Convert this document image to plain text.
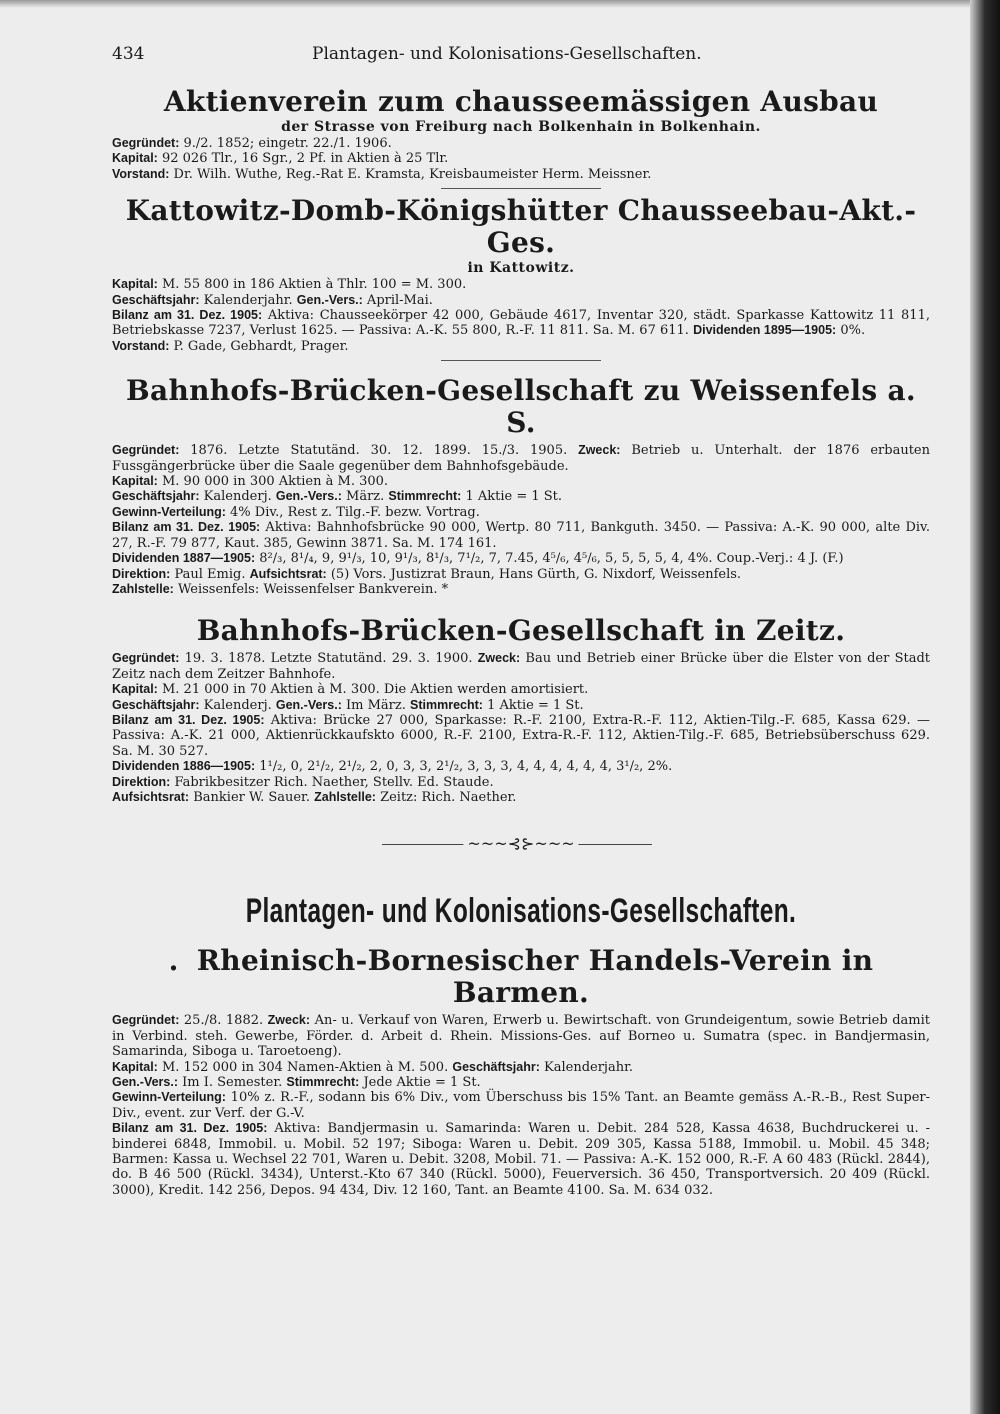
434	Plantagen- und Kolonisations-Gesellschaften.
Aktienverein zum chausseemässigen Ausbau
der Strasse von Freiburg nach Bolkenhain in Bolkenhain.

Gegründet: 9./2. 1852; eingetr. 22./1. 1906.

Kapital: 92 026 Tlr., 16 Sgr., 2 Pf. in Aktien à 25 Tlr.

Vorstand: Dr. Wilh. Wuthe, Reg.-Rat E. Kramsta, Kreisbaumeister Herm. Meissner.

Kattowitz-Domb-Königshütter Chausseebau-Akt.-Ges.
in Kattowitz.

Kapital: M. 55 800 in 186 Aktien à Thlr. 100 = M. 300.

Geschäftsjahr: Kalenderjahr. Gen.-Vers.: April-Mai.

Bilanz am 31. Dez. 1905: Aktiva: Chausseekörper 42 000, Gebäude 4617, Inventar 320, städt. Sparkasse Kattowitz 11 811, Betriebskasse 7237, Verlust 1625. — Passiva: A.-K. 55 800, R.-F. 11 811. Sa. M. 67 611. Dividenden 1895—1905: 0%.

Vorstand: P. Gade, Gebhardt, Prager.

Bahnhofs-Brücken-Gesellschaft zu Weissenfels a. S.

Gegründet: 1876. Letzte Statutänd. 30. 12. 1899. 15./3. 1905. Zweck: Betrieb u. Unterhalt. der 1876 erbauten Fussgängerbrücke über die Saale gegenüber dem Bahnhofsgebäude.

Kapital: M. 90 000 in 300 Aktien à M. 300.

Geschäftsjahr: Kalenderj. Gen.-Vers.: März. Stimmrecht: 1 Aktie = 1 St.

Gewinn-Verteilung: 4% Div., Rest z. Tilg.-F. bezw. Vortrag.

Bilanz am 31. Dez. 1905: Aktiva: Bahnhofsbrücke 90 000, Wertp. 80 711, Bankguth. 3450. — Passiva: A.-K. 90 000, alte Div. 27, R.-F. 79 877, Kaut. 385, Gewinn 3871. Sa. M. 174 161.

Dividenden 1887—1905: 8²/₃, 8¹/₄, 9, 9¹/₃, 10, 9¹/₃, 8¹/₃, 7¹/₂, 7, 7.45, 4⁵/₆, 4⁵/₆, 5, 5, 5, 5, 4, 4%. Coup.-Verj.: 4 J. (F.)

Direktion: Paul Emig. Aufsichtsrat: (5) Vors. Justizrat Braun, Hans Gürth, G. Nixdorf, Weissenfels.

Zahlstelle: Weissenfels: Weissenfelser Bankverein. *

Bahnhofs-Brücken-Gesellschaft in Zeitz.

Gegründet: 19. 3. 1878. Letzte Statutänd. 29. 3. 1900. Zweck: Bau und Betrieb einer Brücke über die Elster von der Stadt Zeitz nach dem Zeitzer Bahnhofe.

Kapital: M. 21 000 in 70 Aktien à M. 300. Die Aktien werden amortisiert.

Geschäftsjahr: Kalenderj. Gen.-Vers.: Im März. Stimmrecht: 1 Aktie = 1 St.

Bilanz am 31. Dez. 1905: Aktiva: Brücke 27 000, Sparkasse: R.-F. 2100, Extra-R.-F. 112, Aktien-Tilg.-F. 685, Kassa 629. — Passiva: A.-K. 21 000, Aktienrückkaufskto 6000, R.-F. 2100, Extra-R.-F. 112, Aktien-Tilg.-F. 685, Betriebsüberschuss 629. Sa. M. 30 527.

Dividenden 1886—1905: 1¹/₂, 0, 2¹/₂, 2¹/₂, 2, 0, 3, 3, 2¹/₂, 3, 3, 3, 4, 4, 4, 4, 4, 4, 3¹/₂, 2%.

Direktion: Fabrikbesitzer Rich. Naether, Stellv. Ed. Staude.

Aufsichtsrat: Bankier W. Sauer. Zahlstelle: Zeitz: Rich. Naether.

~~~⊰⊱~~~
Plantagen- und Kolonisations-Gesellschaften.
. Rheinisch-Bornesischer Handels-Verein in Barmen.

Gegründet: 25./8. 1882. Zweck: An- u. Verkauf von Waren, Erwerb u. Bewirtschaft. von Grundeigentum, sowie Betrieb damit in Verbind. steh. Gewerbe, Förder. d. Arbeit d. Rhein. Missions-Ges. auf Borneo u. Sumatra (spec. in Bandjermasin, Samarinda, Siboga u. Taroetoeng).

Kapital: M. 152 000 in 304 Namen-Aktien à M. 500. Geschäftsjahr: Kalenderjahr.

Gen.-Vers.: Im I. Semester. Stimmrecht: Jede Aktie = 1 St.

Gewinn-Verteilung: 10% z. R.-F., sodann bis 6% Div., vom Überschuss bis 15% Tant. an Beamte gemäss A.-R.-B., Rest Super-Div., event. zur Verf. der G.-V.

Bilanz am 31. Dez. 1905: Aktiva: Bandjermasin u. Samarinda: Waren u. Debit. 284 528, Kassa 4638, Buchdruckerei u. -binderei 6848, Immobil. u. Mobil. 52 197; Siboga: Waren u. Debit. 209 305, Kassa 5188, Immobil. u. Mobil. 45 348; Barmen: Kassa u. Wechsel 22 701, Waren u. Debit. 3208, Mobil. 71. — Passiva: A.-K. 152 000, R.-F. A 60 483 (Rückl. 2844), do. B 46 500 (Rückl. 3434), Unterst.-Kto 67 340 (Rückl. 5000), Feuerversich. 36 450, Transportversich. 20 409 (Rückl. 3000), Kredit. 142 256, Depos. 94 434, Div. 12 160, Tant. an Beamte 4100. Sa. M. 634 032.
